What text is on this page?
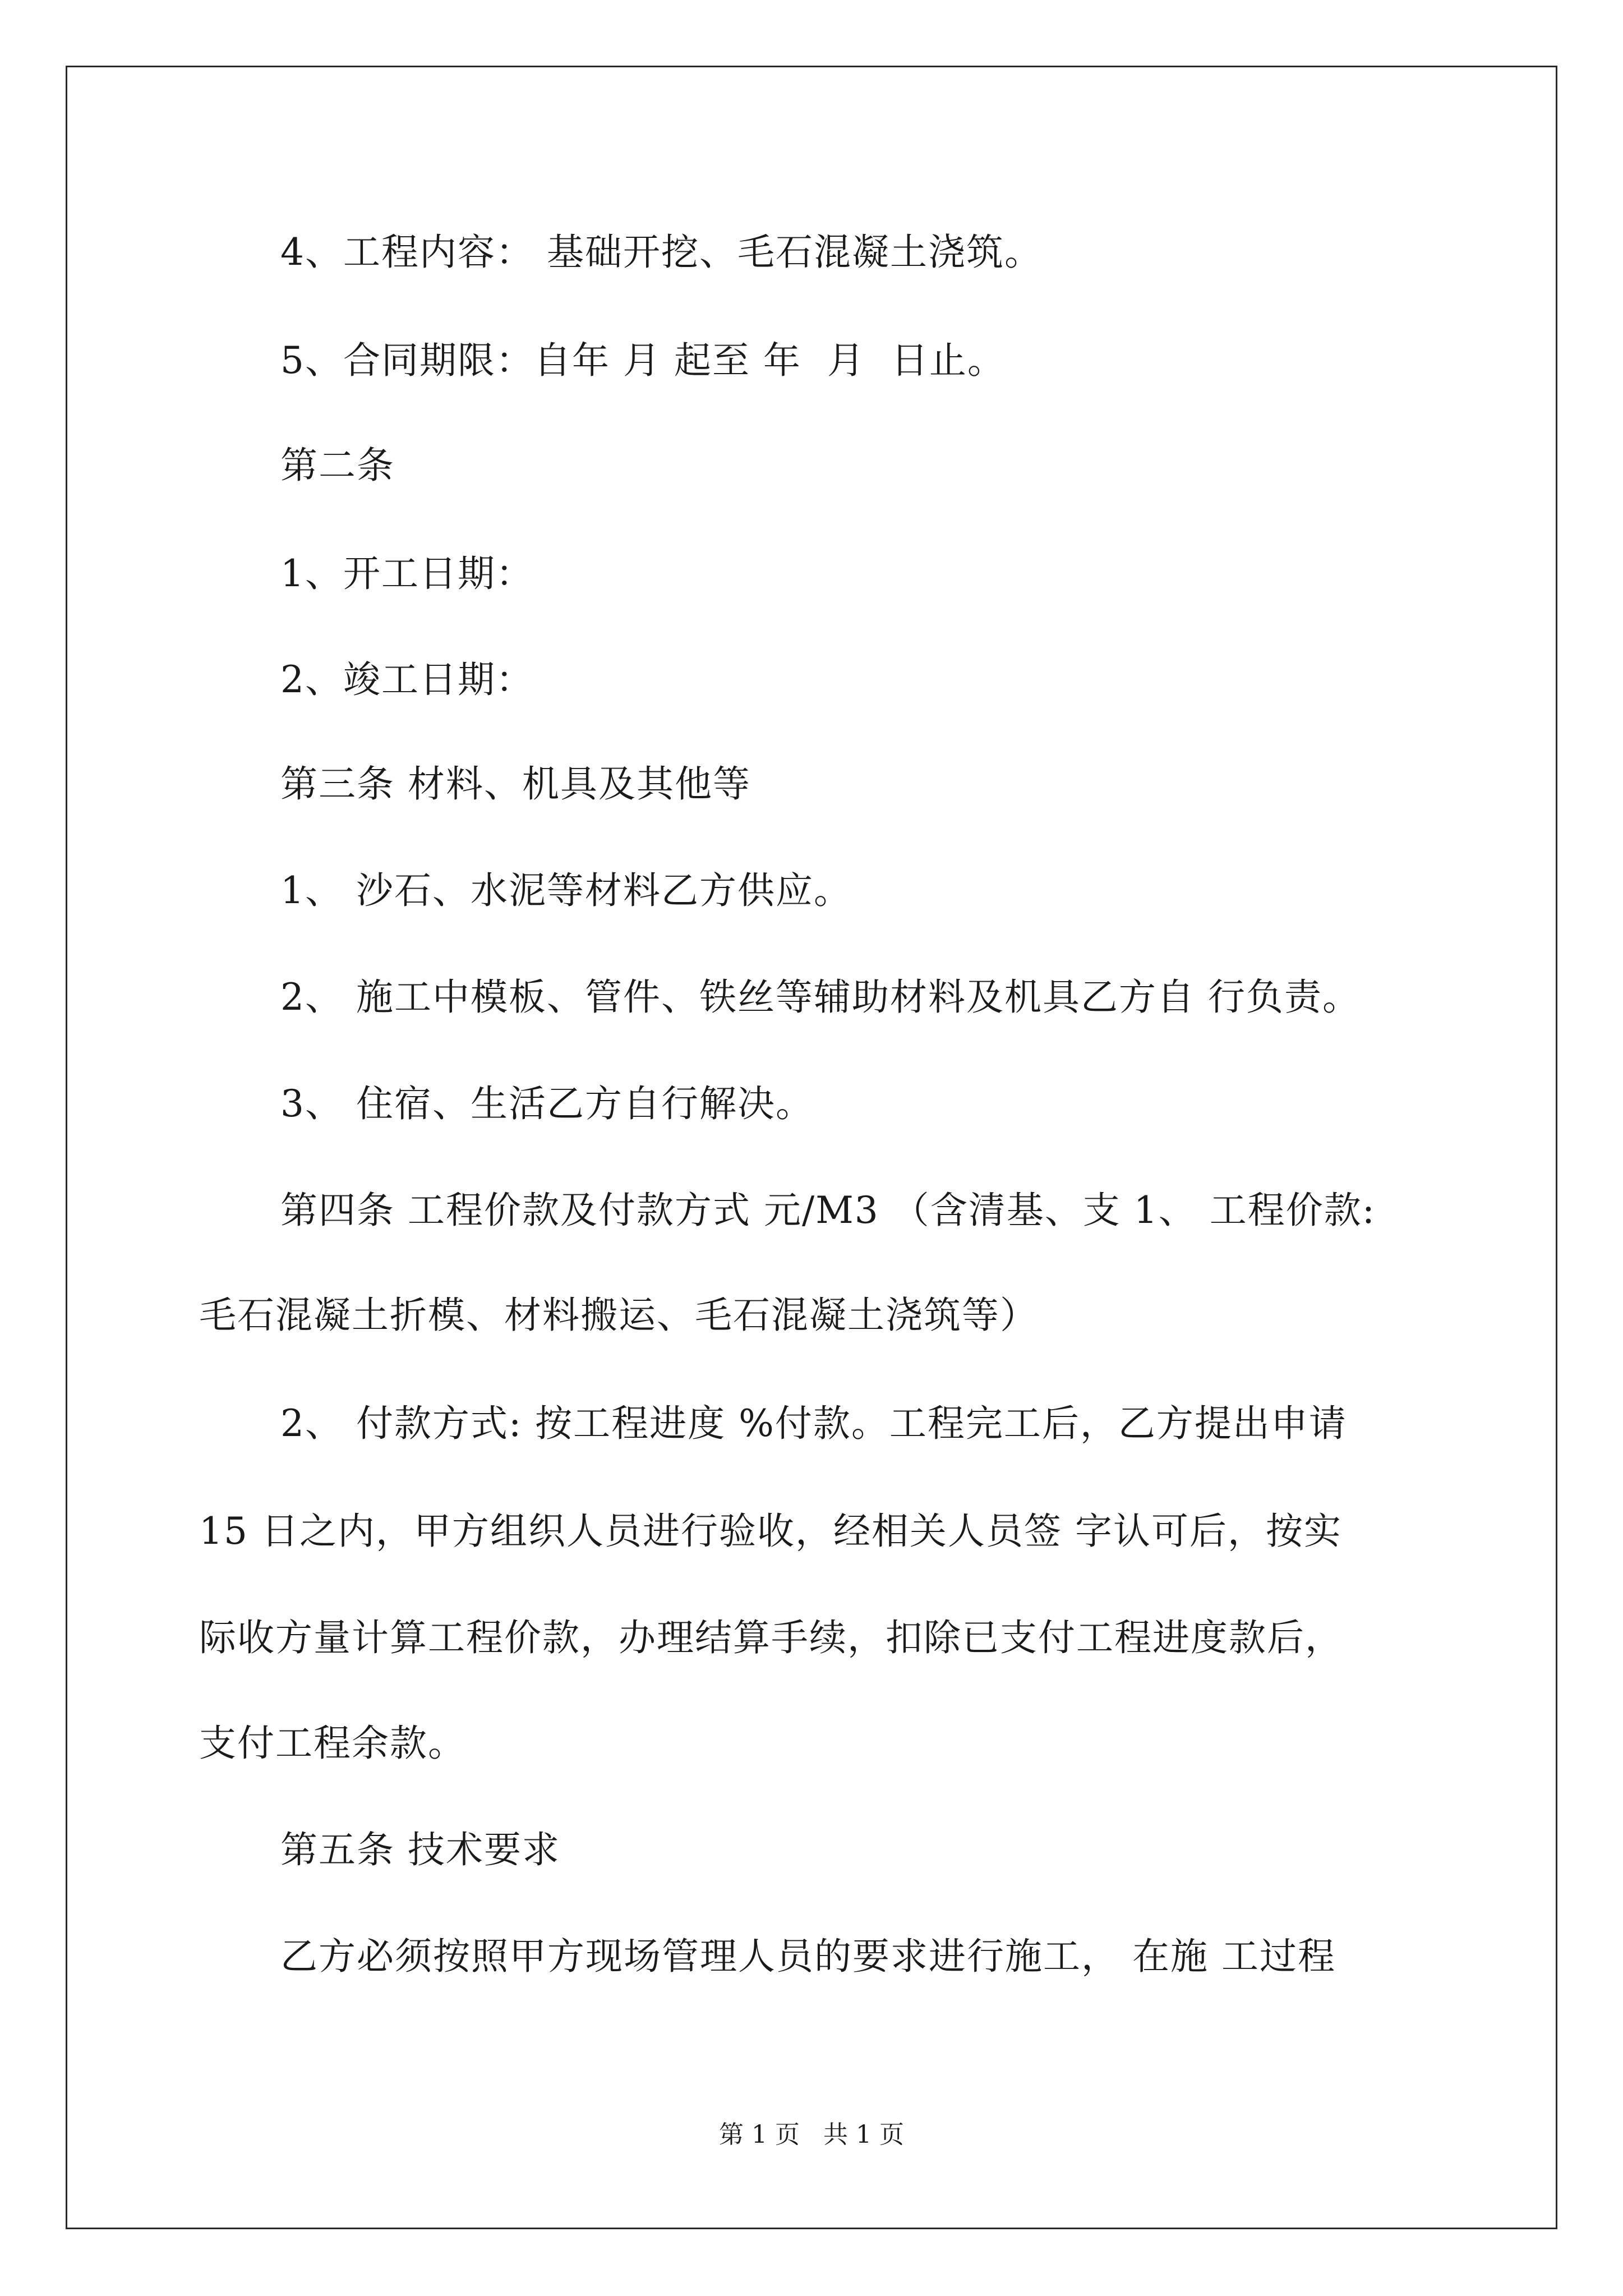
4、工程内容： 基础开挖、毛石混凝土浇筑。
5、合同期限：自年 月 起至 年  月  日止。
第二条
1、开工日期：
2、竣工日期：
第三条 材料、机具及其他等
1、 沙石、水泥等材料乙方供应。
2、 施工中模板、管件、铁丝等辅助材料及机具乙方自 行负责。
3、 住宿、生活乙方自行解决。
第四条 工程价款及付款方式 元/M3 （含清基、支 1、 工程价款:
毛石混凝土折模、材料搬运、毛石混凝土浇筑等）
2、 付款方式: 按工程进度 %付款。工程完工后，乙方提出申请
15 日之内，甲方组织人员进行验收，经相关人员签 字认可后，按实
际收方量计算工程价款，办理结算手续，扣除已支付工程进度款后，
支付工程余款。
第五条 技术要求
乙方必须按照甲方现场管理人员的要求进行施工， 在施 工过程
第 1 页   共 1 页
